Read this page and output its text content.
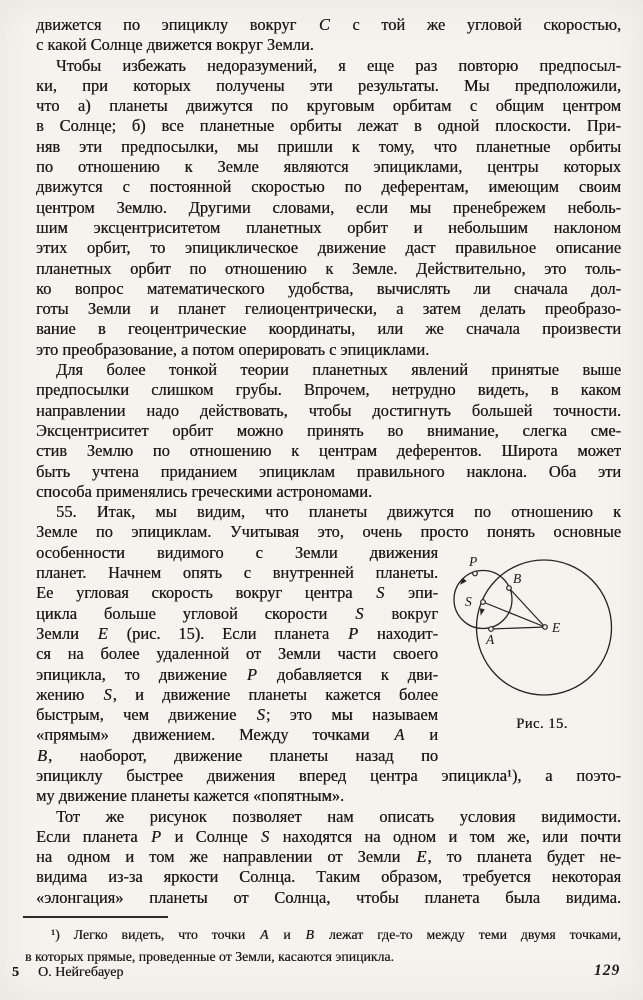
движется по эпициклу вокруг C с той же угловой скоростью,
с какой Солнце движется вокруг Земли.
Чтобы избежать недоразумений, я еще раз повторю предпосыл-
ки, при которых получены эти результаты. Мы предположили,
что а) планеты движутся по круговым орбитам с общим центром
в Солнце; б) все планетные орбиты лежат в одной плоскости. При-
няв эти предпосылки, мы пришли к тому, что планетные орбиты
по отношению к Земле являются эпициклами, центры которых
движутся с постоянной скоростью по деферентам, имеющим своим
центром Землю. Другими словами, если мы пренебрежем неболь-
шим эксцентриситетом планетных орбит и небольшим наклоном
этих орбит, то эпициклическое движение даст правильное описание
планетных орбит по отношению к Земле. Действительно, это толь-
ко вопрос математического удобства, вычислять ли сначала дол-
готы Земли и планет гелиоцентрически, а затем делать преобразо-
вание в геоцентрические координаты, или же сначала произвести
это преобразование, а потом оперировать с эпициклами.
Для более тонкой теории планетных явлений принятые выше
предпосылки слишком грубы. Впрочем, нетрудно видеть, в каком
направлении надо действовать, чтобы достигнуть большей точности.
Эксцентриситет орбит можно принять во внимание, слегка сме-
стив Землю по отношению к центрам деферентов. Широта может
быть учтена приданием эпициклам правильного наклона. Оба эти
способа применялись греческими астрономами.
55. Итак, мы видим, что планеты движутся по отношению к
Земле по эпициклам. Учитывая это, очень просто понять основные
особенности видимого с Земли движения
планет. Начнем опять с внутренней планеты.
Ее угловая скорость вокруг центра S эпи-
цикла больше угловой скорости S вокруг
Земли E (рис. 15). Если планета P находит-
ся на более удаленной от Земли части своего
эпицикла, то движение P добавляется к дви-
жению S, и движение планеты кажется более
быстрым, чем движение S; это мы называем
«прямым» движением. Между точками A и
B, наоборот, движение планеты назад по
эпициклу быстрее движения вперед центра эпицикла¹), а поэто-
му движение планеты кажется «попятным».
Тот же рисунок позволяет нам описать условия видимости.
Если планета P и Солнце S находятся на одном и том же, или почти
на одном и том же направлении от Земли E, то планета будет не-
видима из-за яркости Солнца. Таким образом, требуется некоторая
«элонгация» планеты от Солнца, чтобы планета была видима.
P
B
S
A
E
Рис. 15.
¹) Легко видеть, что точки A и B лежат где-то между теми двумя точками,
в которых прямые, проведенные от Земли, касаются эпицикла.
5 О. Нейгебауер	129
